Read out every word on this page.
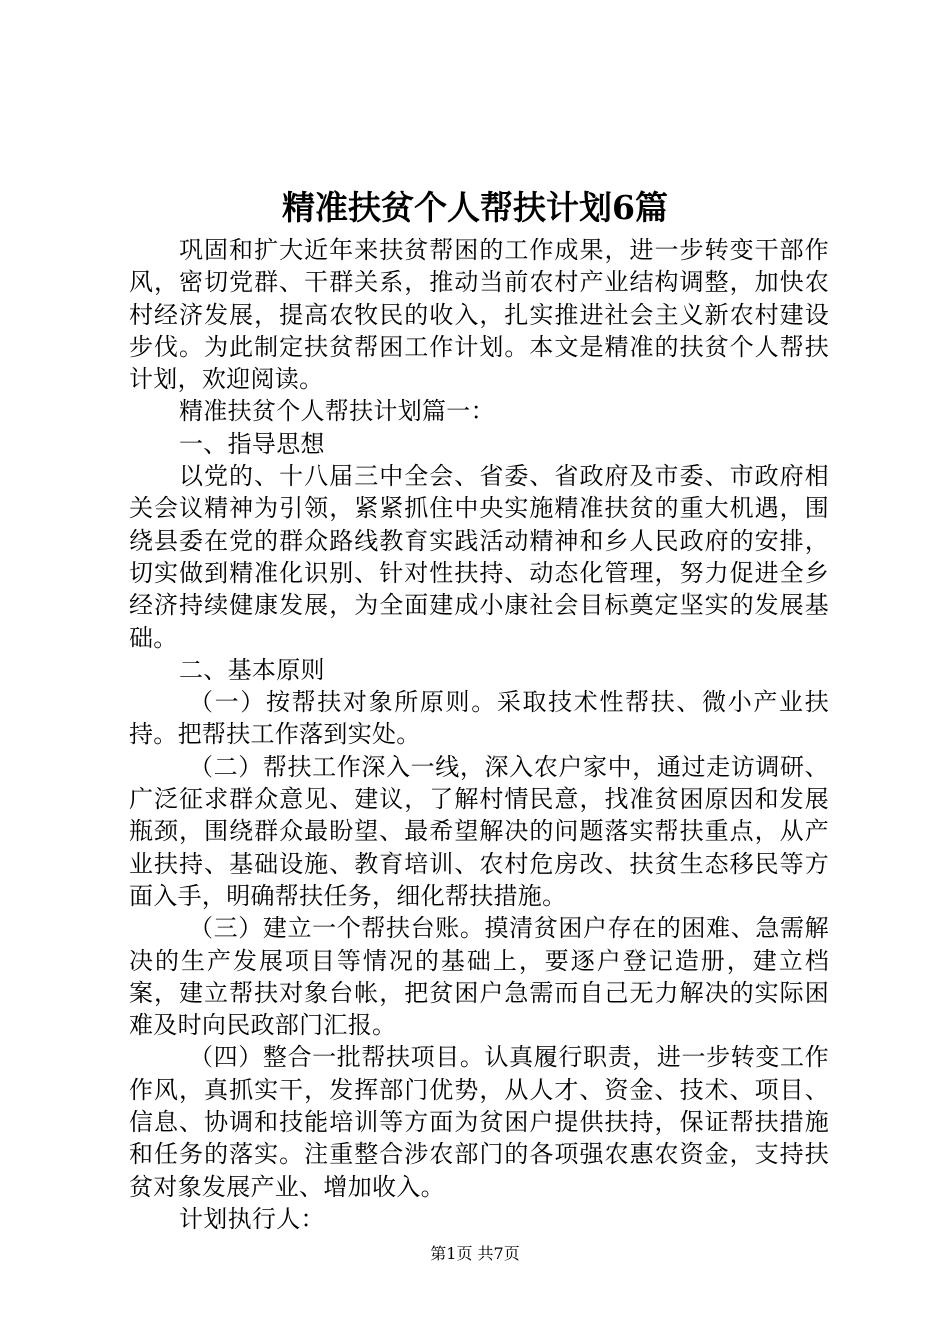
精准扶贫个人帮扶计划6篇

巩固和扩大近年来扶贫帮困的工作成果，进一步转变干部作风，密切党群、干群关系，推动当前农村产业结构调整，加快农村经济发展，提高农牧民的收入，扎实推进社会主义新农村建设步伐。为此制定扶贫帮困工作计划。本文是精准的扶贫个人帮扶计划，欢迎阅读。

精准扶贫个人帮扶计划篇一：

一、指导思想

以党的、十八届三中全会、省委、省政府及市委、市政府相关会议精神为引领，紧紧抓住中央实施精准扶贫的重大机遇，围绕县委在党的群众路线教育实践活动精神和乡人民政府的安排，切实做到精准化识别、针对性扶持、动态化管理，努力促进全乡经济持续健康发展，为全面建成小康社会目标奠定坚实的发展基础。

二、基本原则

（一）按帮扶对象所原则。采取技术性帮扶、微小产业扶持。把帮扶工作落到实处。

（二）帮扶工作深入一线，深入农户家中，通过走访调研、广泛征求群众意见、建议，了解村情民意，找准贫困原因和发展瓶颈，围绕群众最盼望、最希望解决的问题落实帮扶重点，从产业扶持、基础设施、教育培训、农村危房改、扶贫生态移民等方面入手，明确帮扶任务，细化帮扶措施。

（三）建立一个帮扶台账。摸清贫困户存在的困难、急需解决的生产发展项目等情况的基础上，要逐户登记造册，建立档案，建立帮扶对象台帐，把贫困户急需而自己无力解决的实际困难及时向民政部门汇报。

（四）整合一批帮扶项目。认真履行职责，进一步转变工作作风，真抓实干，发挥部门优势，从人才、资金、技术、项目、信息、协调和技能培训等方面为贫困户提供扶持，保证帮扶措施和任务的落实。注重整合涉农部门的各项强农惠农资金，支持扶贫对象发展产业、增加收入。

计划执行人：

第1页 共7页
